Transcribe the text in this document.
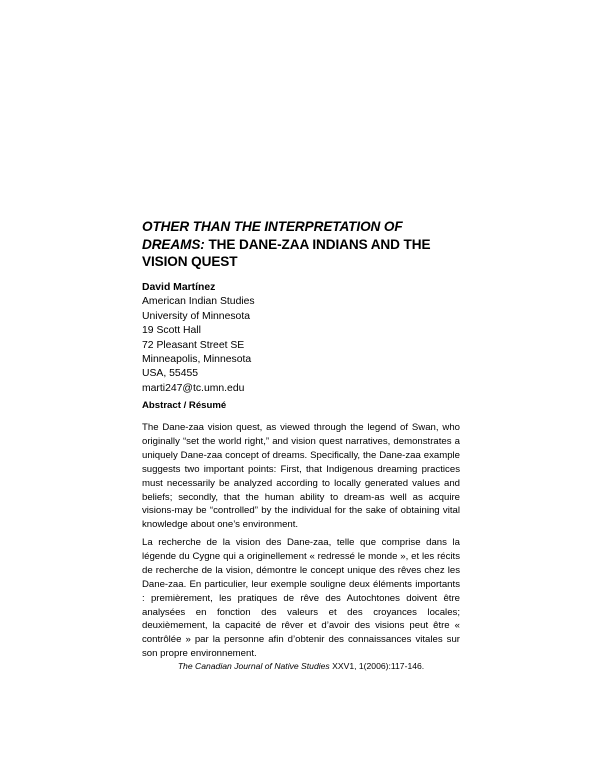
OTHER THAN THE INTERPRETATION OF DREAMS: THE DANE-ZAA INDIANS AND THE VISION QUEST
David Martínez
American Indian Studies
University of Minnesota
19 Scott Hall
72 Pleasant Street SE
Minneapolis, Minnesota
USA, 55455
marti247@tc.umn.edu
Abstract / Résumé

The Dane-zaa vision quest, as viewed through the legend of Swan, who originally “set the world right,” and vision quest narratives, demonstrates a uniquely Dane-zaa concept of dreams. Specifically, the Dane-zaa example suggests two important points: First, that Indigenous dreaming practices must necessarily be analyzed according to locally generated values and beliefs; secondly, that the human ability to dream-as well as acquire visions-may be “controlled” by the individual for the sake of obtaining vital knowledge about one’s environment.

La recherche de la vision des Dane-zaa, telle que comprise dans la légende du Cygne qui a originellement « redressé le monde », et les récits de recherche de la vision, démontre le concept unique des rêves chez les Dane-zaa. En particulier, leur exemple souligne deux éléments importants : premièrement, les pratiques de rêve des Autochtones doivent être analysées en fonction des valeurs et des croyances locales; deuxièmement, la capacité de rêver et d’avoir des visions peut être « contrôlée » par la personne afin d’obtenir des connaissances vitales sur son propre environnement.

The Canadian Journal of Native Studies XXV1, 1(2006):117-146.
